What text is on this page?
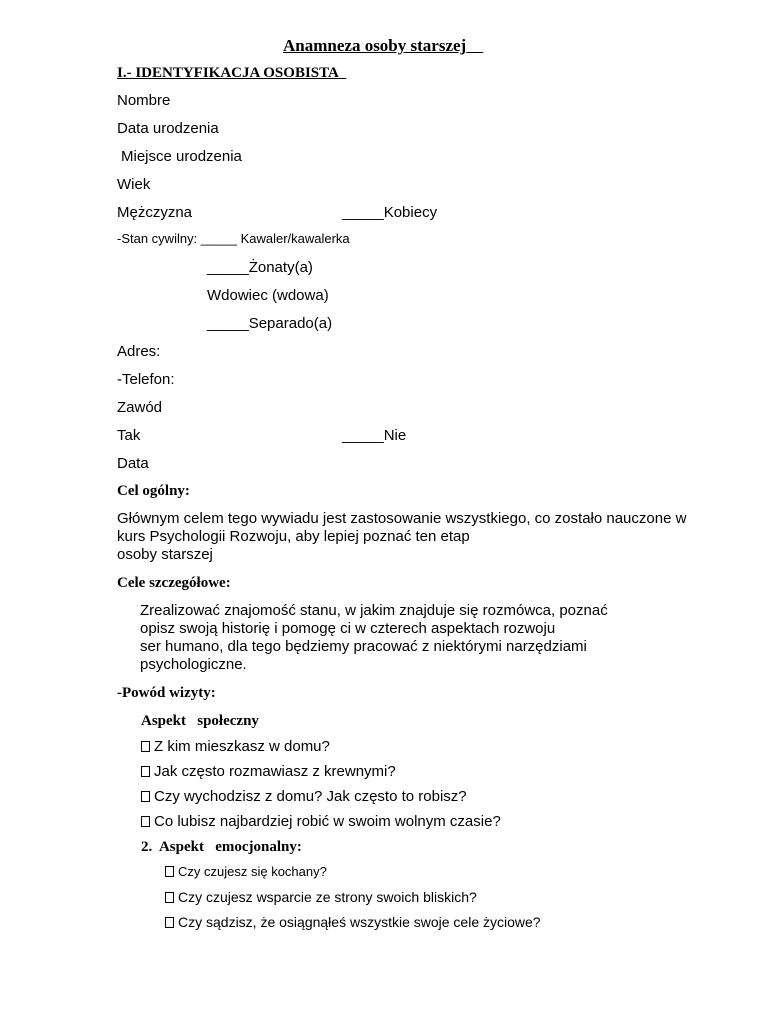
Anamneza osoby starszej
I.- IDENTYFIKACJA OSOBISTA
Nombre
Data urodzenia
Miejsce urodzenia
Wiek
Mężczyzna	_____Kobiecy
-Stan cywilny: _____ Kawaler/kawalerka
_____Żonaty(a)
Wdowiec (wdowa)
_____Separado(a)
Adres:
-Telefon:
Zawód
Tak	_____Nie
Data
Cel ogólny:
Głównym celem tego wywiadu jest zastosowanie wszystkiego, co zostało nauczone w
kurs Psychologii Rozwoju, aby lepiej poznać ten etap
osoby starszej
Cele szczegółowe:
Zrealizować znajomość stanu, w jakim znajduje się rozmówca, poznać
opisz swoją historię i pomogę ci w czterech aspektach rozwoju
ser humano, dla tego będziemy pracować z niektórymi narzędziami
psychologiczne.
-Powód wizyty:
Aspekt   społeczny
Z kim mieszkasz w domu?
Jak często rozmawiasz z krewnymi?
Czy wychodzisz z domu? Jak często to robisz?
Co lubisz najbardziej robić w swoim wolnym czasie?
2. Aspekt   emocjonalny:
Czy czujesz się kochany?
Czy czujesz wsparcie ze strony swoich bliskich?
Czy sądzisz, że osiągnąłeś wszystkie swoje cele życiowe?
